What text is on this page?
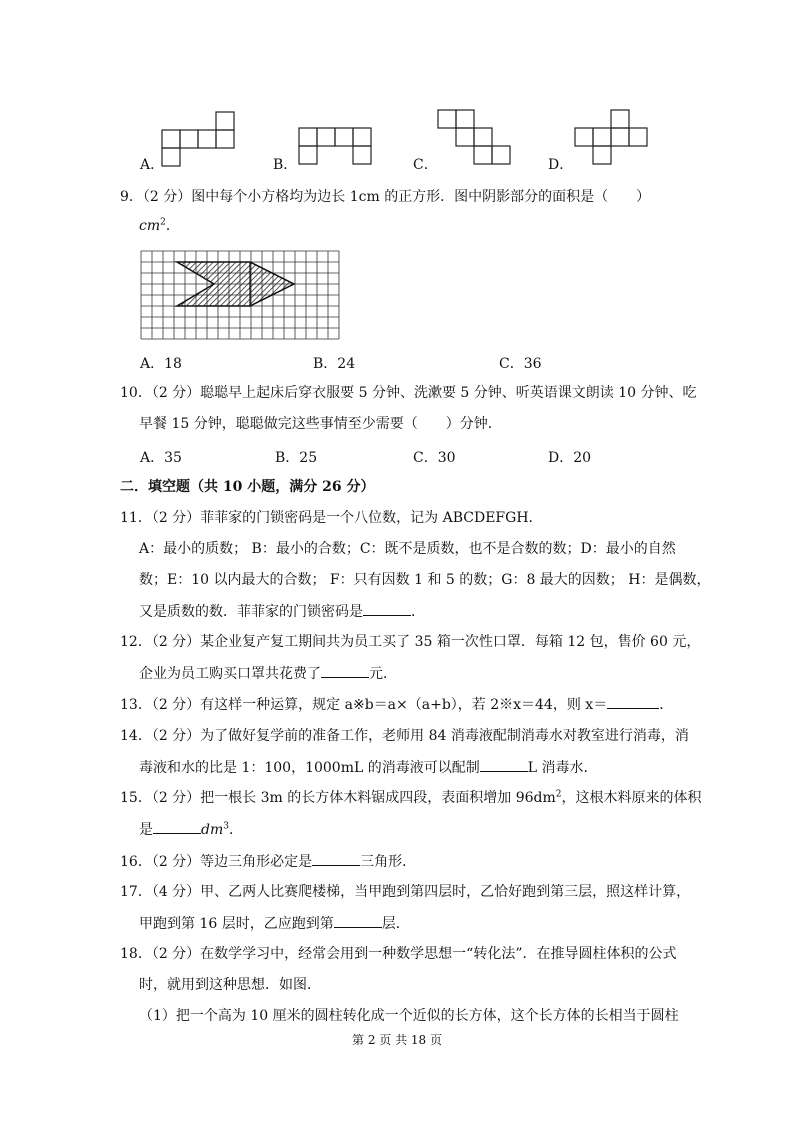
A．	B．	C．	D．
9．（2 分）图中每个小方格均为边长 1cm 的正方形．图中阴影部分的面积是（　　）
$cm^2$．
A．18	B．24	C．36
10．（2 分）聪聪早上起床后穿衣服要 5 分钟、洗漱要 5 分钟、听英语课文朗读 10 分钟、吃
早餐 15 分钟，聪聪做完这些事情至少需要（　　）分钟．
A．35	B．25	C．30	D．20
二．填空题（共 10 小题，满分 26 分）
11．（2 分）菲菲家的门锁密码是一个八位数，记为 ABCDEFGH．
A：最小的质数； B：最小的合数；C：既不是质数，也不是合数的数；D：最小的自然
数；E：10 以内最大的合数； F：只有因数 1 和 5 的数；G：8 最大的因数； H：是偶数，
又是质数的数．菲菲家的门锁密码是	．
12．（2 分）某企业复产复工期间共为员工买了 35 箱一次性口罩．每箱 12 包，售价 60 元，
企业为员工购买口罩共花费了	元．
13．（2 分）有这样一种运算，规定 a※b＝a×（a+b），若 2※x＝44，则 x＝	．
14．（2 分）为了做好复学前的准备工作，老师用 84 消毒液配制消毒水对教室进行消毒，消
毒液和水的比是 1：100，1000mL 的消毒液可以配制	L 消毒水．
15．（2 分）把一根长 3m 的长方体木料锯成四段，表面积增加 $96dm^2$，这根木料原来的体积
是	$dm^3$．
16．（2 分）等边三角形必定是	三角形．
17．（4 分）甲、乙两人比赛爬楼梯，当甲跑到第四层时，乙恰好跑到第三层，照这样计算，
甲跑到第 16 层时，乙应跑到第	层．
18．（2 分）在数学学习中，经常会用到一种数学思想一“转化法”．在推导圆柱体积的公式
时，就用到这种思想．如图．
（1）把一个高为 10 厘米的圆柱转化成一个近似的长方体，这个长方体的长相当于圆柱
第 2 页 共 18 页
